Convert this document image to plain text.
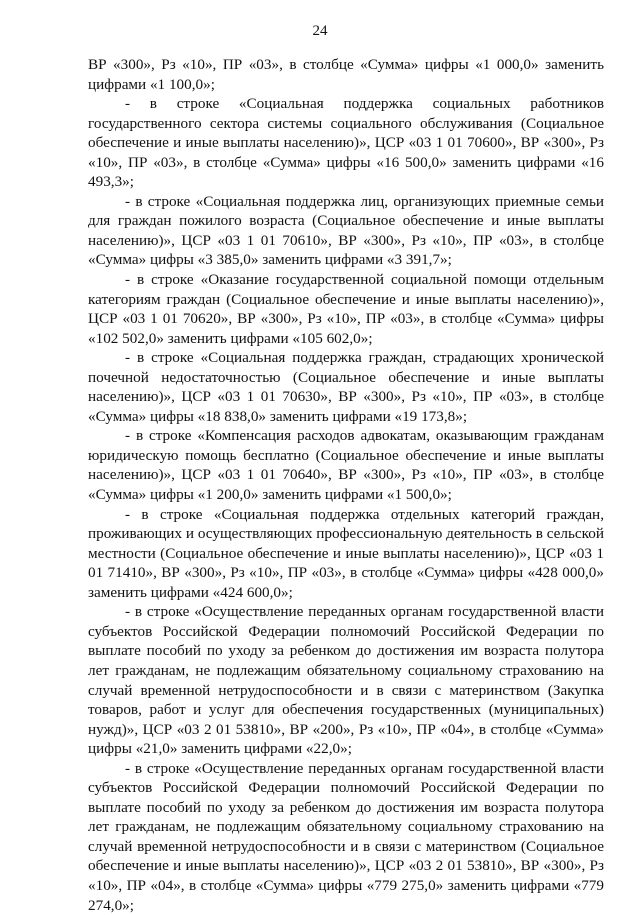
24

ВР «300», Рз «10», ПР «03», в столбце «Сумма» цифры «1 000,0» заменить цифрами «1 100,0»;

- в строке «Социальная поддержка социальных работников государственного сектора системы социального обслуживания (Социальное обеспечение и иные выплаты населению)», ЦСР «03 1 01 70600», ВР «300», Рз «10», ПР «03», в столбце «Сумма» цифры «16 500,0» заменить цифрами «16 493,3»;

- в строке «Социальная поддержка лиц, организующих приемные семьи для граждан пожилого возраста (Социальное обеспечение и иные выплаты населению)», ЦСР «03 1 01 70610», ВР «300», Рз «10», ПР «03», в столбце «Сумма» цифры «3 385,0» заменить цифрами «3 391,7»;

- в строке «Оказание государственной социальной помощи отдельным категориям граждан (Социальное обеспечение и иные выплаты населению)», ЦСР «03 1 01 70620», ВР «300», Рз «10», ПР «03», в столбце «Сумма» цифры «102 502,0» заменить цифрами «105 602,0»;

- в строке «Социальная поддержка граждан, страдающих хронической почечной недостаточностью (Социальное обеспечение и иные выплаты населению)», ЦСР «03 1 01 70630», ВР «300», Рз «10», ПР «03», в столбце «Сумма» цифры «18 838,0» заменить цифрами «19 173,8»;

- в строке «Компенсация расходов адвокатам, оказывающим гражданам юридическую помощь бесплатно (Социальное обеспечение и иные выплаты населению)», ЦСР «03 1 01 70640», ВР «300», Рз «10», ПР «03», в столбце «Сумма» цифры «1 200,0» заменить цифрами «1 500,0»;

- в строке «Социальная поддержка отдельных категорий граждан, проживающих и осуществляющих профессиональную деятельность в сельской местности (Социальное обеспечение и иные выплаты населению)», ЦСР «03 1 01 71410», ВР «300», Рз «10», ПР «03», в столбце «Сумма» цифры «428 000,0» заменить цифрами «424 600,0»;

- в строке «Осуществление переданных органам государственной власти субъектов Российской Федерации полномочий Российской Федерации по выплате пособий по уходу за ребенком до достижения им возраста полутора лет гражданам, не подлежащим обязательному социальному страхованию на случай временной нетрудоспособности и в связи с материнством (Закупка товаров, работ и услуг для обеспечения государственных (муниципальных) нужд)», ЦСР «03 2 01 53810», ВР «200», Рз «10», ПР «04», в столбце «Сумма» цифры «21,0» заменить цифрами «22,0»;

- в строке «Осуществление переданных органам государственной власти субъектов Российской Федерации полномочий Российской Федерации по выплате пособий по уходу за ребенком до достижения им возраста полутора лет гражданам, не подлежащим обязательному социальному страхованию на случай временной нетрудоспособности и в связи с материнством (Социальное обеспечение и иные выплаты населению)», ЦСР «03 2 01 53810», ВР «300», Рз «10», ПР «04», в столбце «Сумма» цифры «779 275,0» заменить цифрами «779 274,0»;
